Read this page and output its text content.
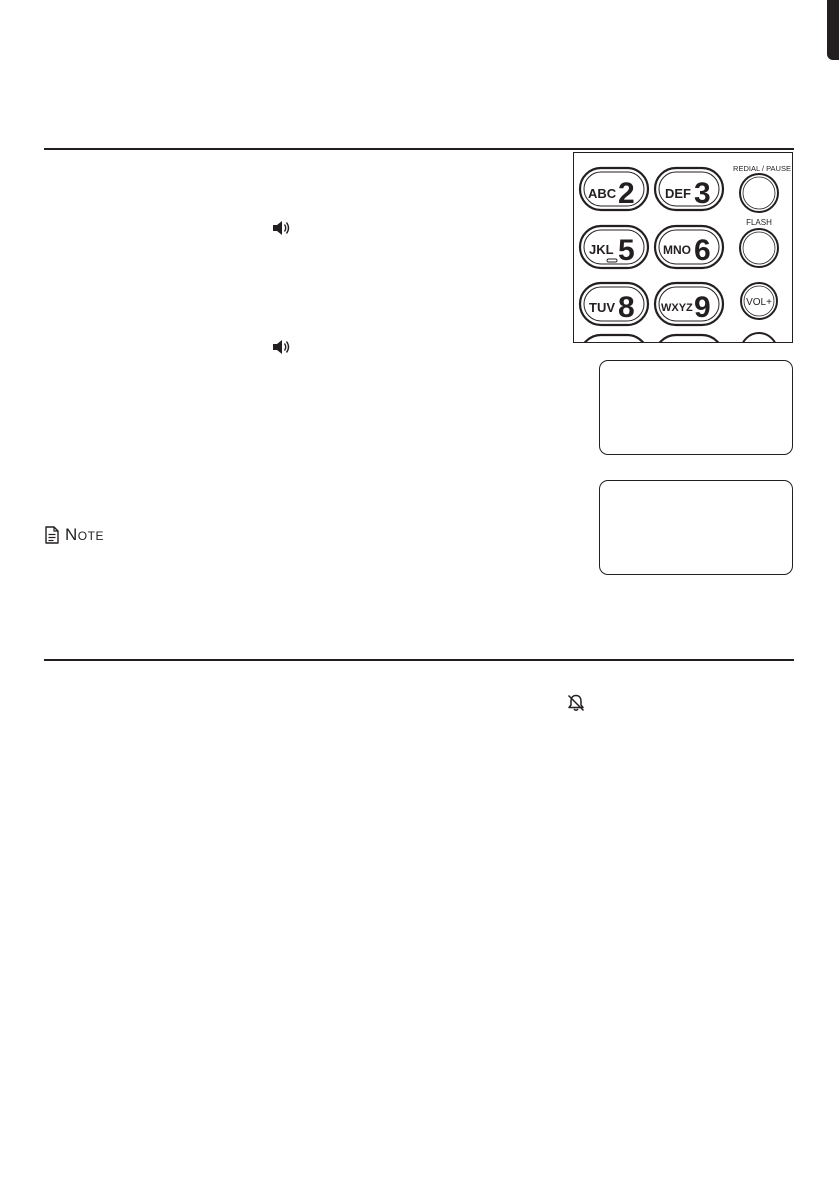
ABC 2 DEF 3
JKL 5 MNO 6
TUV 8 WXYZ 9
REDIAL / PAUSE
FLASH
VOL+
Note
